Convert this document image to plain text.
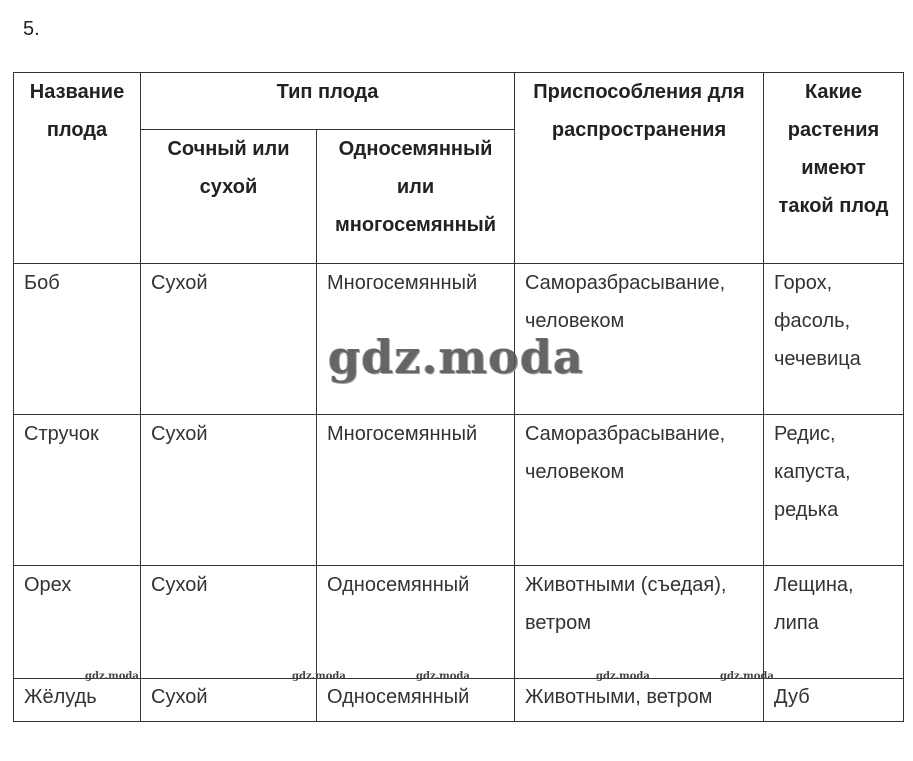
5.
Название плода	Тип плода		Приспособления для распространения	Какие растения имеют такой плод
	Сочный или сухой	Односемянный или многосемянный		
Боб	Сухой	Многосемянный	Саморазбрасывание, человеком	Горох, фасоль, чечевица
Стручок	Сухой	Многосемянный	Саморазбрасывание, человеком	Редис, капуста, редька
Орех	Сухой	Односемянный	Животными (съедая), ветром	Лещина, липа
Жёлудь	Сухой	Односемянный	Животными, ветром	Дуб
gdz.moda
gdz.moda	gdz.moda	gdz.moda	gdz.moda	gdz.moda
